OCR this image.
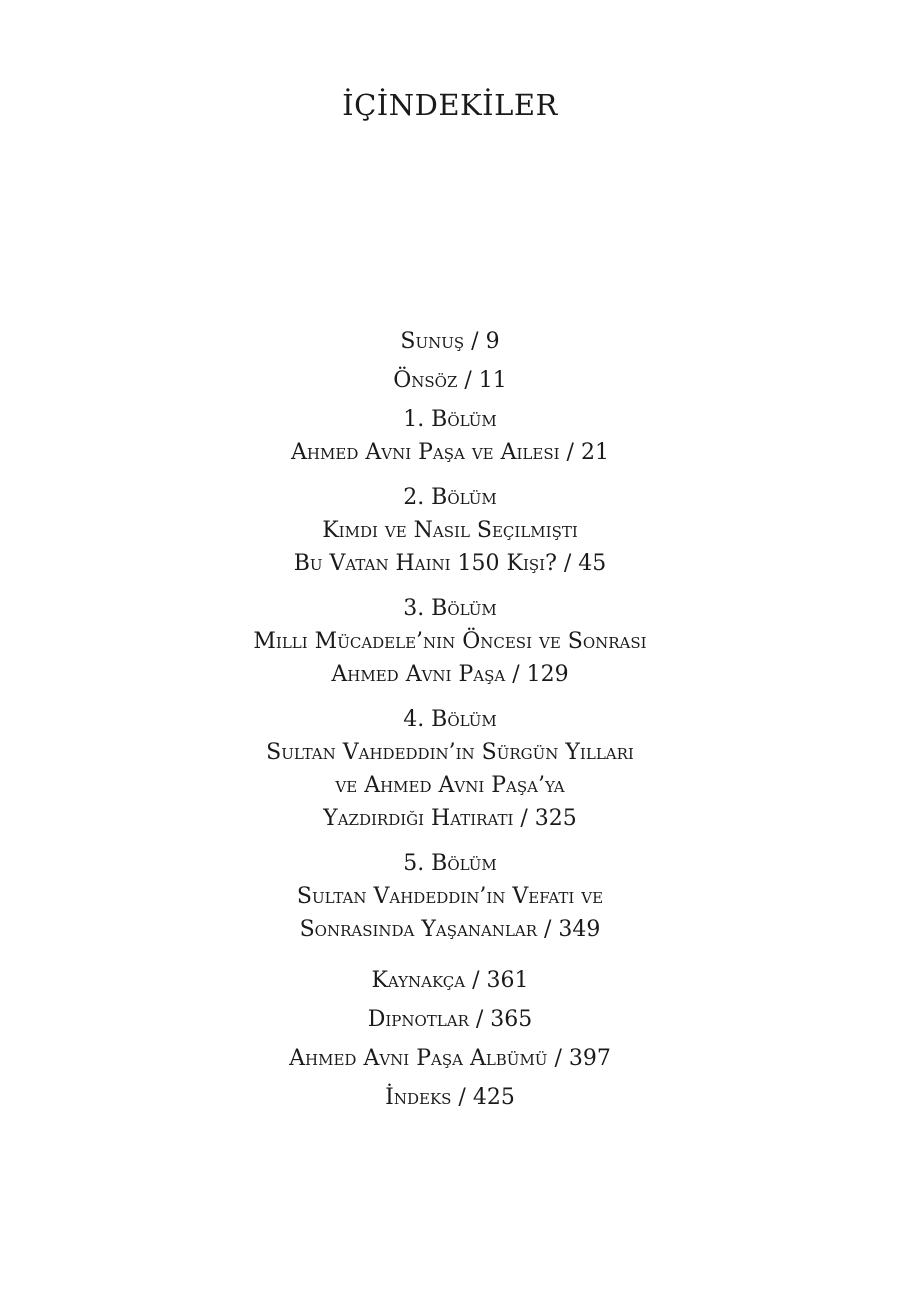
İÇİNDEKİLER
Sunuş / 9
Önsöz / 11
1. Bölüm
Ahmed Avni Paşa ve Ailesi / 21
2. Bölüm
Kimdi ve Nasıl Seçilmişti
Bu Vatan Haini 150 Kişi? / 45
3. Bölüm
Milli Mücadele’nin Öncesi ve Sonrası
Ahmed Avni Paşa / 129
4. Bölüm
Sultan Vahdeddin’in Sürgün Yılları
ve Ahmed Avni Paşa’ya
Yazdırdığı Hatıratı / 325
5. Bölüm
Sultan Vahdeddin’in Vefatı ve
Sonrasında Yaşananlar / 349
Kaynakça / 361
Dipnotlar / 365
Ahmed Avni Paşa Albümü / 397
İndeks / 425
